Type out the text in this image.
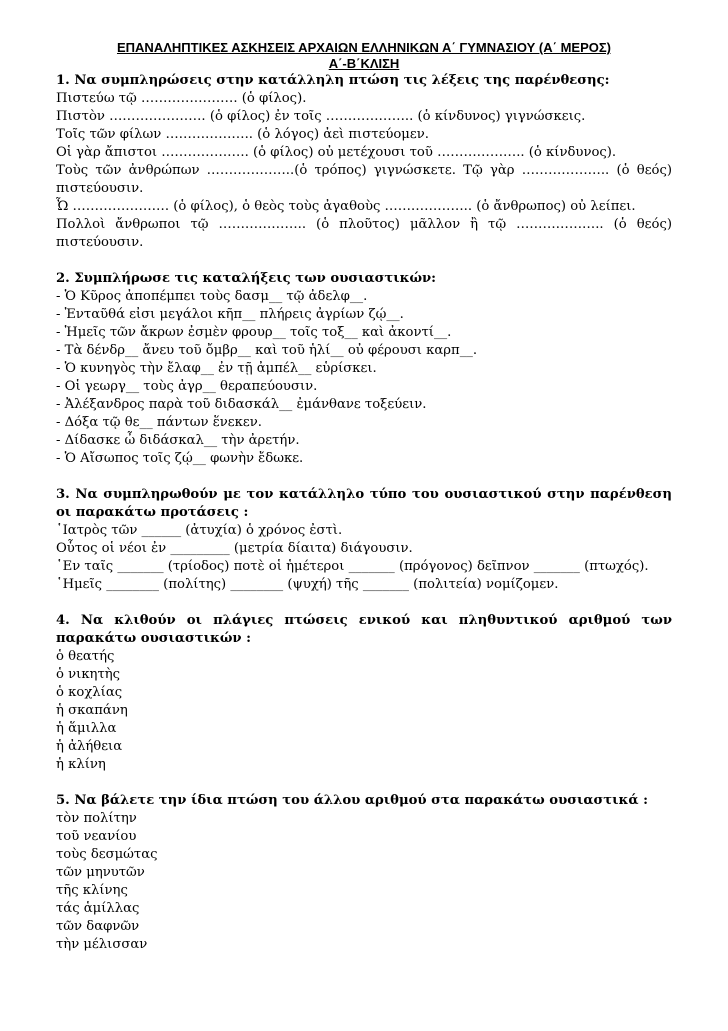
ΕΠΑΝΑΛΗΠΤΙΚΕΣ ΑΣΚΗΣΕΙΣ ΑΡΧΑΙΩΝ ΕΛΛΗΝΙΚΩΝ Α΄ ΓΥΜΝΑΣΙΟΥ (Α΄ ΜΕΡΟΣ)
Α΄-Β΄ΚΛΙΣΗ
1. Να συμπληρώσεις στην κατάλληλη πτώση τις λέξεις της παρένθεσης:
Πιστεύω τῷ …………………. (ὁ φίλος).
Πιστὸν …………………. (ὁ φίλος) ἐν τοῖς ……………….. (ὁ κίνδυνος) γιγνώσκεις.
Τοῖς τῶν φίλων ……………….. (ὁ λόγος) ἀεὶ πιστεύομεν.
Οἱ γὰρ ἄπιστοι ……………….. (ὁ φίλος) οὐ μετέχουσι τοῦ ……………….. (ὁ κίνδυνος).
Τοὺς τῶν ἀνθρώπων ………………..(ὁ τρόπος) γιγνώσκετε. Τῷ γὰρ ……………….. (ὁ θεός) πιστεύουσιν.
Ὦ …………………. (ὁ φίλος), ὁ θεὸς τοὺς ἀγαθοὺς ……………….. (ὁ ἄνθρωπος) οὐ λείπει.
Πολλοὶ ἄνθρωποι τῷ ……………….. (ὁ πλοῦτος) μᾶλλον ἢ τῷ ……………….. (ὁ θεός) πιστεύουσιν.
2. Συμπλήρωσε τις καταλήξεις των ουσιαστικών:
- Ὁ Κῦρος ἀποπέμπει τοὺς δασμ__ τῷ ἀδελφ__.
- Ἐνταῦθά εἰσι μεγάλοι κῆπ__ πλήρεις ἀγρίων ζῴ__.
- Ἡμεῖς τῶν ἄκρων ἐσμὲν φρουρ__ τοῖς τοξ__ καὶ ἀκοντί__.
- Τὰ δένδρ__ ἄνευ τοῦ ὄμβρ__ καὶ τοῦ ἡλί__ οὐ φέρουσι καρπ__.
- Ὁ κυνηγὸς τὴν ἔλαφ__ ἐν τῇ ἀμπέλ__ εὑρίσκει.
- Οἱ γεωργ__ τοὺς ἀγρ__ θεραπεύουσιν.
- Ἀλέξανδρος παρὰ τοῦ διδασκάλ__ ἐμάνθανε τοξεύειν.
- Δόξα τῷ θε__ πάντων ἕνεκεν.
- Δίδασκε ὦ διδάσκαλ__ τὴν ἀρετήν.
- Ὁ Αἴσωπος τοῖς ζῴ__ φωνὴν ἔδωκε.
3. Να συμπληρωθούν με τον κατάλληλο τύπο του ουσιαστικού στην παρένθεση οι παρακάτω προτάσεις :
῾Ιατρὸς τῶν ______ (ἀτυχία) ὁ χρόνος ἐστὶ.
Οὗτος οἱ νέοι ἐν _________ (μετρία δίαιτα) διάγουσιν.
῾Εν ταῖς _______ (τρίοδος) ποτὲ οἱ ἡμέτεροι _______ (πρόγονος) δεῖπνον _______ (πτωχός).
῾Ημεῖς ________ (πολίτης) ________ (ψυχή) τῆς _______ (πολιτεία) νομίζομεν.
4. Να κλιθούν οι πλάγιες πτώσεις ενικού και πληθυντικού αριθμού των παρακάτω ουσιαστικών :
ὁ θεατής
ὁ νικητὴς
ὁ κοχλίας
ἡ σκαπάνη
ἡ ἅμιλλα
ἡ ἀλήθεια
ἡ κλίνη
5. Να βάλετε την ίδια πτώση του άλλου αριθμού στα παρακάτω ουσιαστικά :
τὸν πολίτην
τοῦ νεανίου
τοὺς δεσμώτας
τῶν μηνυτῶν
τῆς κλίνης
τάς ἁμίλλας
τῶν δαφνῶν
τὴν μέλισσαν
